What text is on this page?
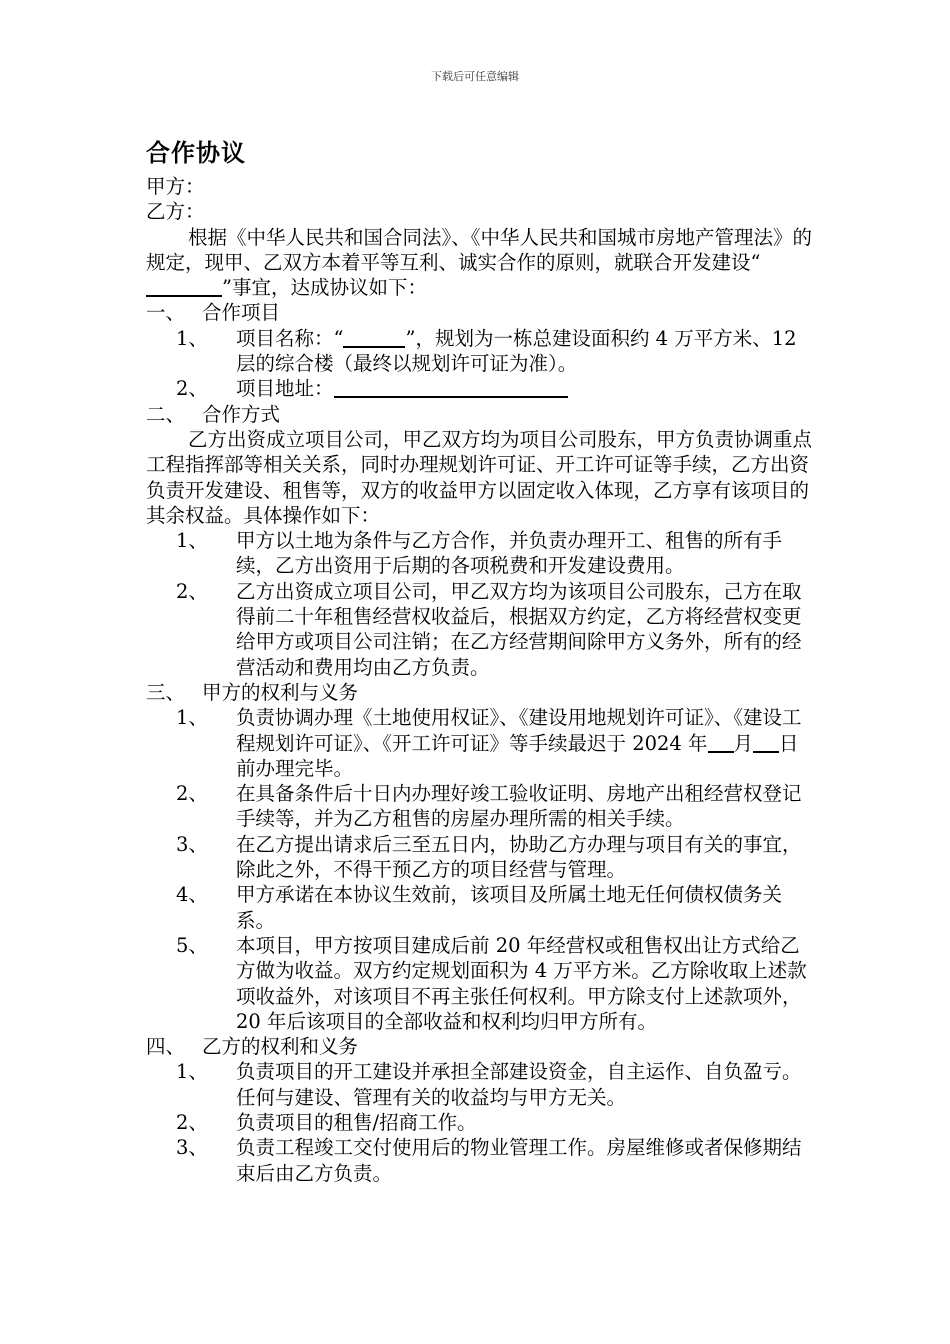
下载后可任意编辑
合作协议

甲方：

乙方：

根据《中华人民共和国合同法》、《中华人民共和国城市房地产管理法》的规定，现甲、乙双方本着平等互利、诚实合作的原则，就联合开发建设“”事宜，达成协议如下：

一、 合作项目
1、	项目名称：“	”，规划为一栋总建设面积约 4 万平方米、12 层的综合楼（最终以规划许可证为准）。
2、	项目地址：
二、 合作方式

乙方出资成立项目公司，甲乙双方均为项目公司股东，甲方负责协调重点工程指挥部等相关关系，同时办理规划许可证、开工许可证等手续，乙方出资负责开发建设、租售等，双方的收益甲方以固定收入体现，乙方享有该项目的其余权益。具体操作如下：

1、	甲方以土地为条件与乙方合作，并负责办理开工、租售的所有手续，乙方出资用于后期的各项税费和开发建设费用。
2、	乙方出资成立项目公司，甲乙双方均为该项目公司股东，己方在取得前二十年租售经营权收益后，根据双方约定，乙方将经营权变更给甲方或项目公司注销；在乙方经营期间除甲方义务外，所有的经营活动和费用均由乙方负责。
三、 甲方的权利与义务
1、	负责协调办理《土地使用权证》、《建设用地规划许可证》、《建设工程规划许可证》、《开工许可证》等手续最迟于 2024 年 月 日前办理完毕。
2、	在具备条件后十日内办理好竣工验收证明、房地产出租经营权登记手续等，并为乙方租售的房屋办理所需的相关手续。
3、	在乙方提出请求后三至五日内，协助乙方办理与项目有关的事宜，除此之外，不得干预乙方的项目经营与管理。
4、	甲方承诺在本协议生效前，该项目及所属土地无任何债权债务关系。
5、	本项目，甲方按项目建成后前 20 年经营权或租售权出让方式给乙方做为收益。双方约定规划面积为 4 万平方米。乙方除收取上述款项收益外，对该项目不再主张任何权利。甲方除支付上述款项外，20 年后该项目的全部收益和权利均归甲方所有。
四、 乙方的权利和义务
1、	负责项目的开工建设并承担全部建设资金，自主运作、自负盈亏。任何与建设、管理有关的收益均与甲方无关。
2、	负责项目的租售/招商工作。
3、	负责工程竣工交付使用后的物业管理工作。房屋维修或者保修期结束后由乙方负责。
